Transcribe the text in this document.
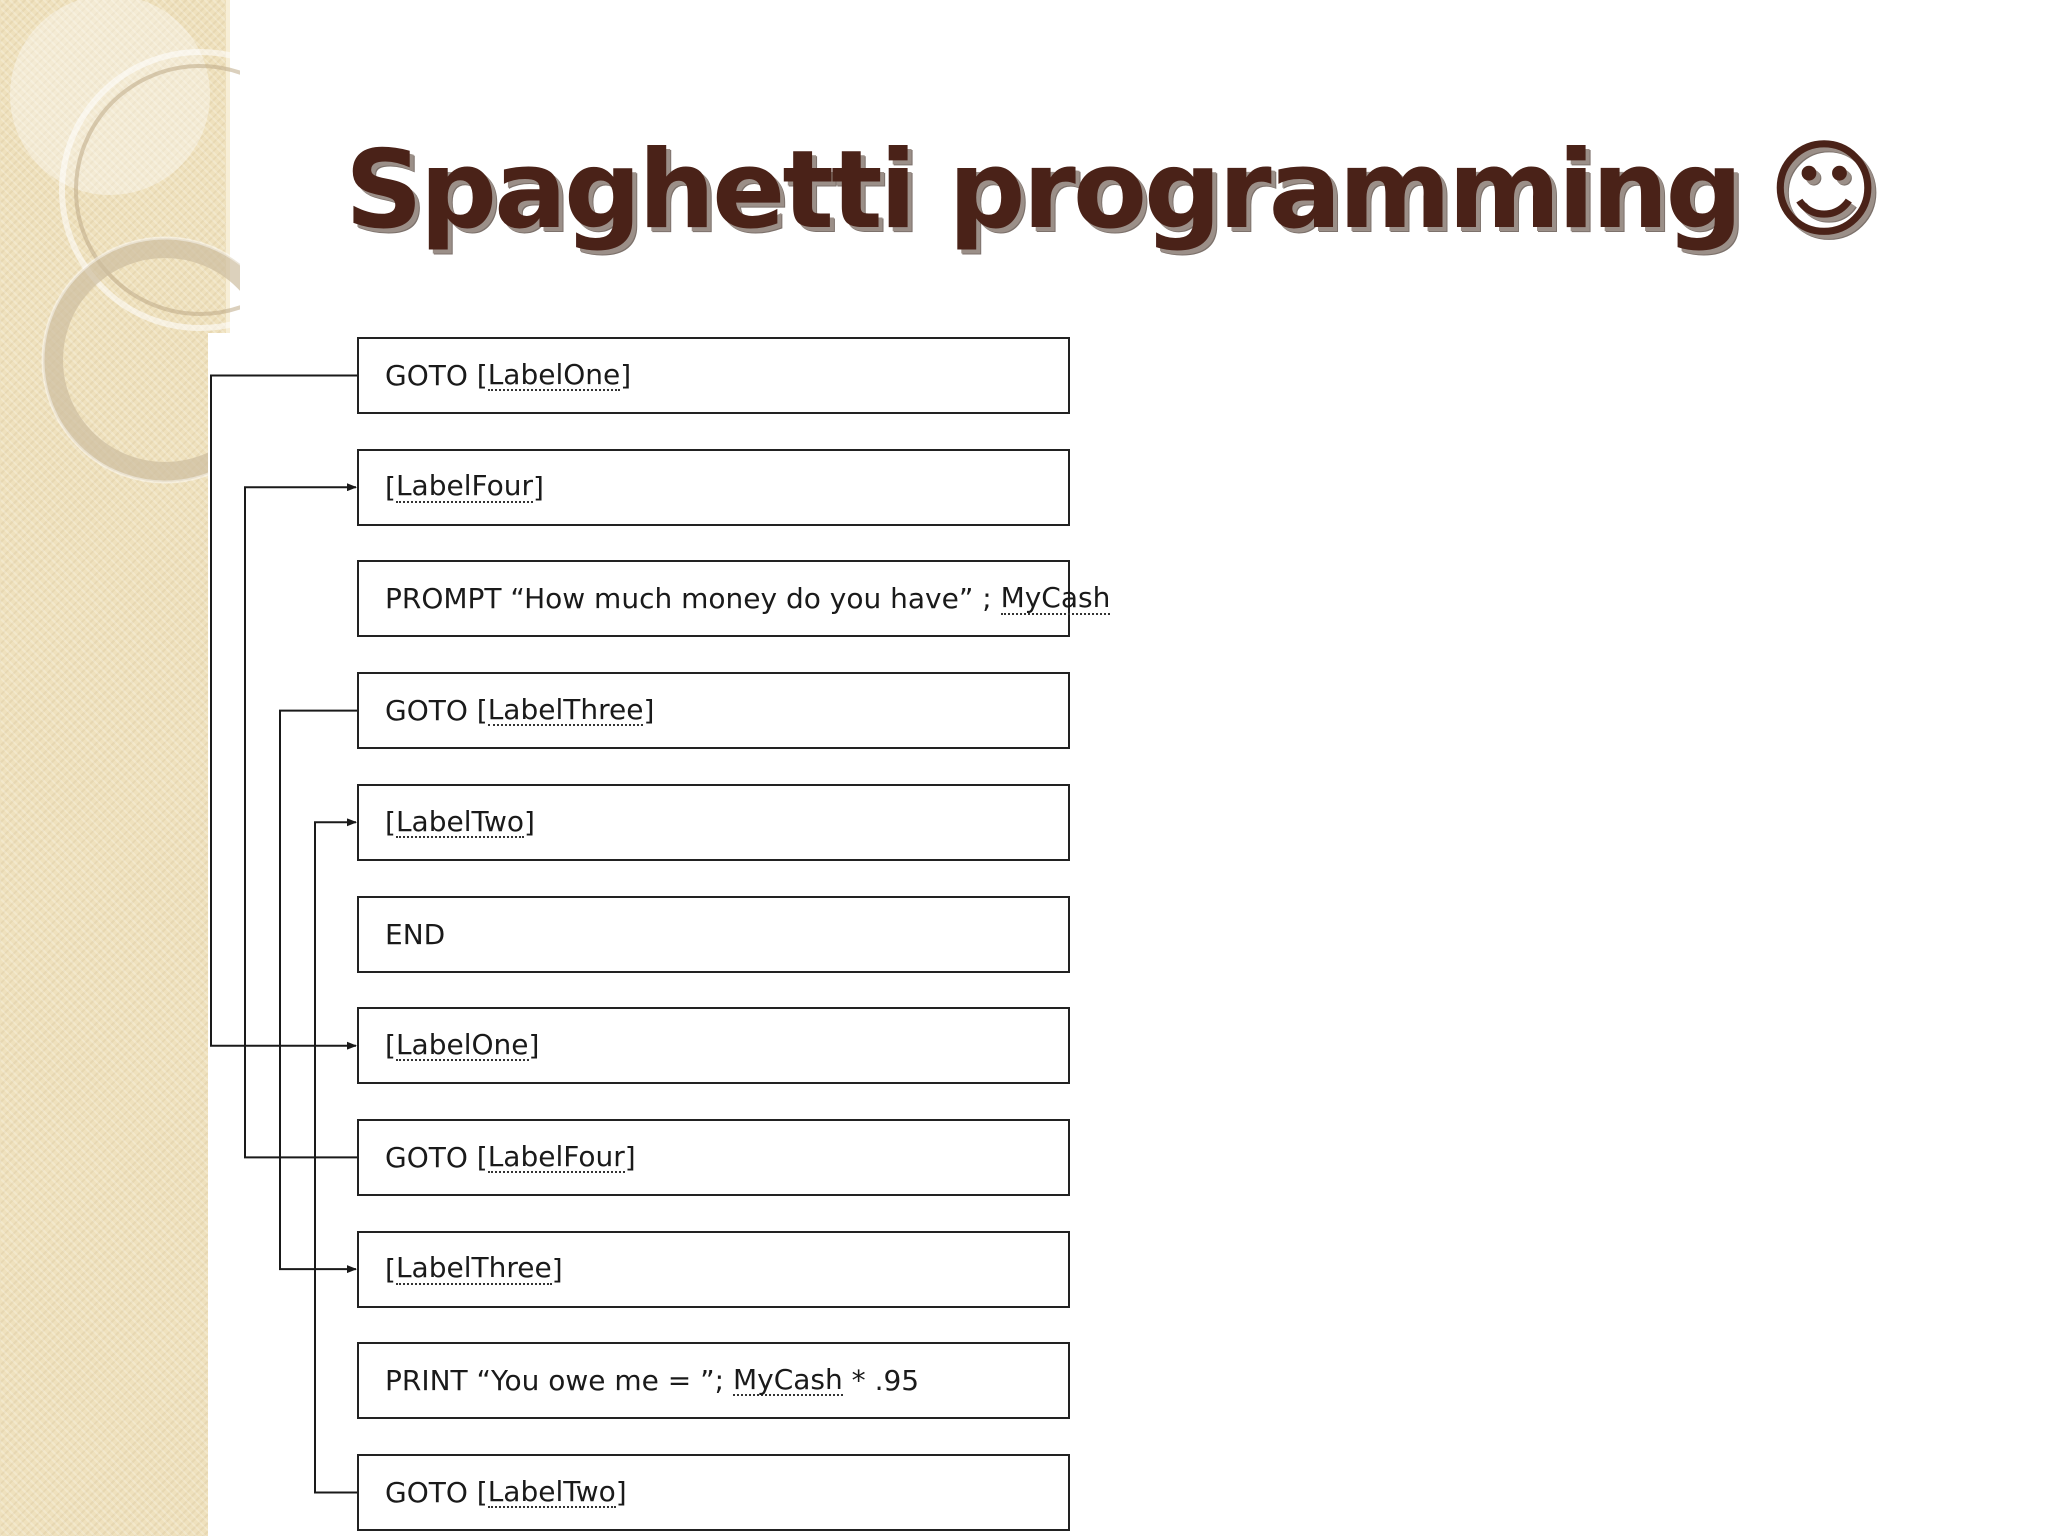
Spaghetti programming ☺
GOTO [ LabelOne ]
[ LabelFour ]
PROMPT “How much money do you have” ; MyCash
GOTO [ LabelThree ]
[ LabelTwo ]
END
[ LabelOne ]
GOTO [ LabelFour ]
[ LabelThree ]
PRINT “You owe me = ”; MyCash * .95
GOTO [ LabelTwo ]
